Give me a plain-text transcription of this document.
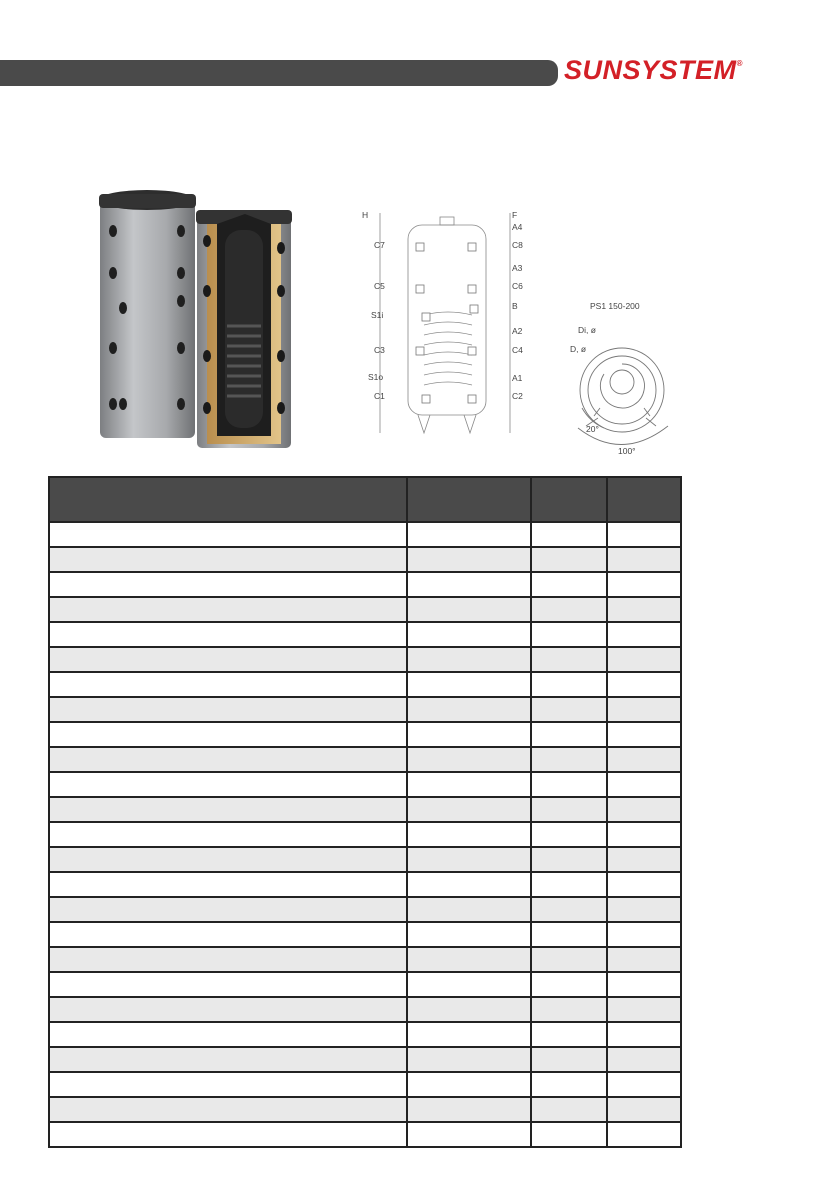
SUNSYSTEM®
H
C7
C5
S1i
C3
S1o
C1
F
A4
C8
A3
C6
B
A2
C4
A1
C2
PS1 150-200
Di, ø
D, ø
20°
100°
